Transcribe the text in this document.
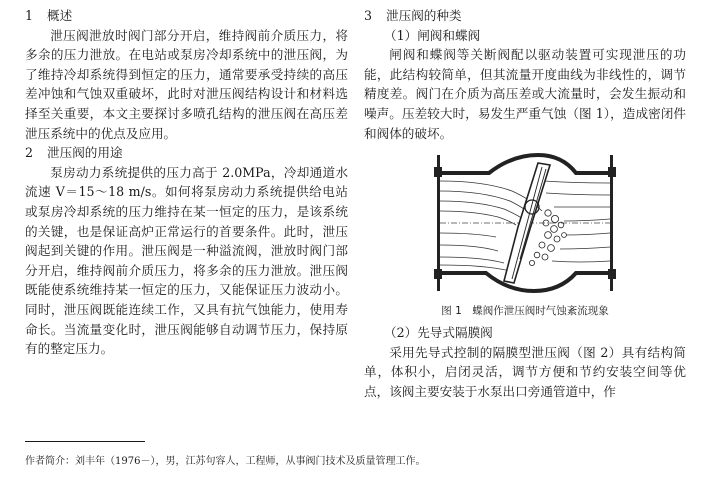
1 概述

泄压阀泄放时阀门部分开启，维持阀前介质压力，将多余的压力泄放。在电站或泵房冷却系统中的泄压阀，为了维持冷却系统得到恒定的压力，通常要承受持续的高压差冲蚀和气蚀双重破坏，此时对泄压阀结构设计和材料选择至关重要，本文主要探讨多喷孔结构的泄压阀在高压差泄压系统中的优点及应用。

2 泄压阀的用途

泵房动力系统提供的压力高于 2.0MPa，冷却通道水流速 V＝15～18 m/s。如何将泵房动力系统提供给电站或泵房冷却系统的压力维持在某一恒定的压力，是该系统的关键，也是保证高炉正常运行的首要条件。此时，泄压阀起到关键的作用。泄压阀是一种溢流阀，泄放时阀门部分开启，维持阀前介质压力，将多余的压力泄放。泄压阀既能使系统维持某一恒定的压力，又能保证压力波动小。同时，泄压阀既能连续工作，又具有抗气蚀能力，使用寿命长。当流量变化时，泄压阀能够自动调节压力，保持原有的整定压力。

3 泄压阀的种类

（1）闸阀和蝶阀

闸阀和蝶阀等关断阀配以驱动装置可实现泄压的功能，此结构较简单，但其流量开度曲线为非线性的，调节精度差。阀门在介质为高压差或大流量时，会发生振动和噪声。压差较大时，易发生严重气蚀（图 1），造成密闭件和阀体的破坏。

图 1　蝶阀作泄压阀时气蚀紊流现象

（2）先导式隔膜阀

采用先导式控制的隔膜型泄压阀（图 2）具有结构简单，体积小，启闭灵活，调节方便和节约安装空间等优点，该阀主要安装于水泵出口旁通管道中，作

作者简介：刘丰年（1976－），男，江苏句容人，工程师，从事阀门技术及质量管理工作。
